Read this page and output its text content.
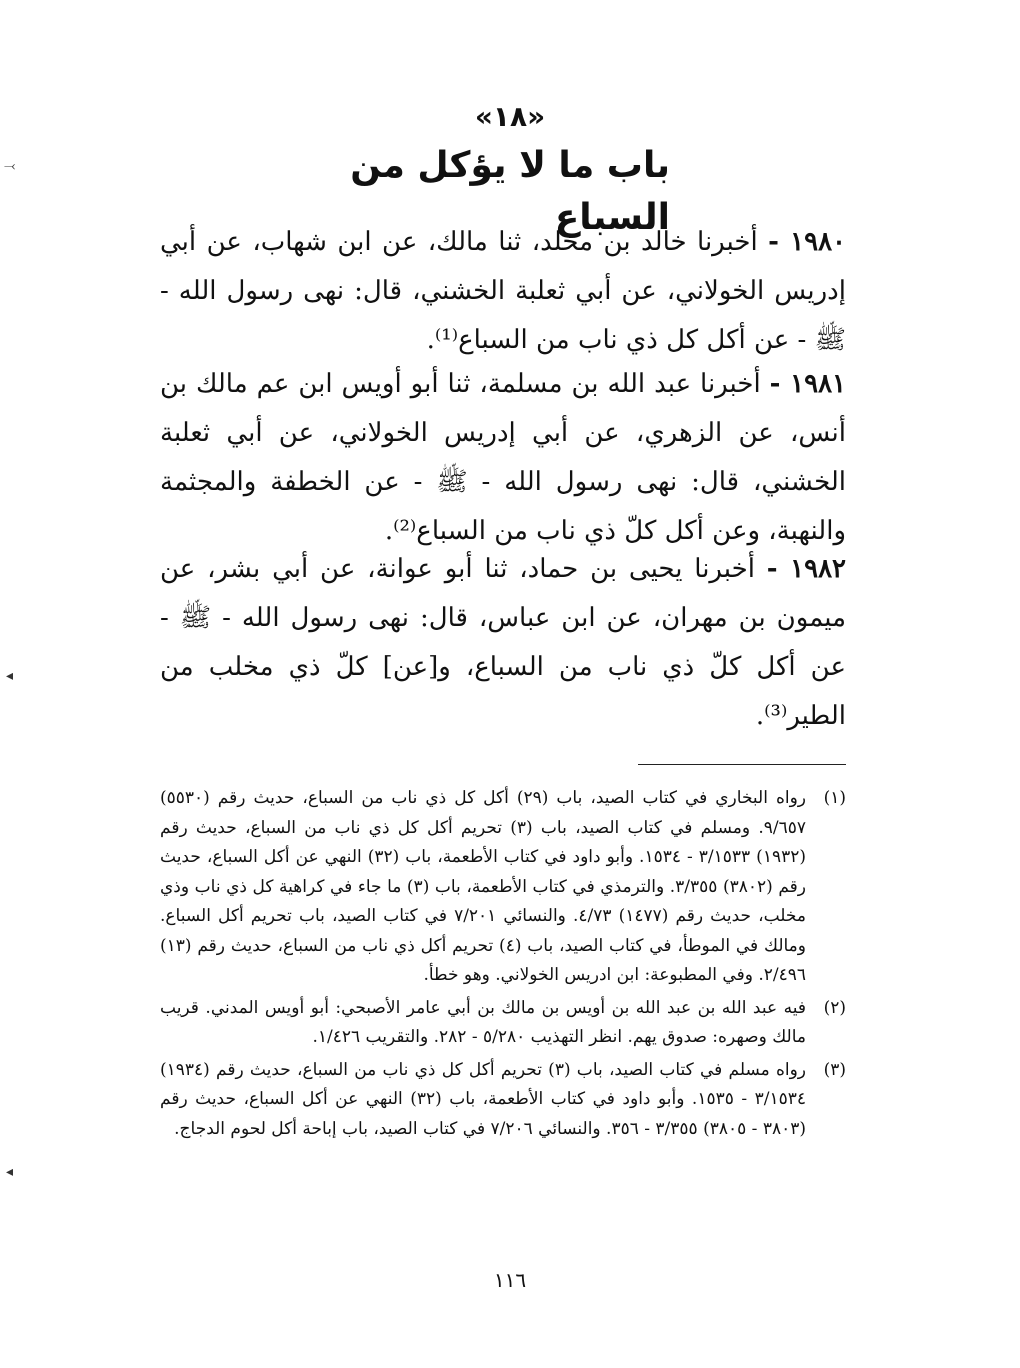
⤙
◂
◂
«١٨»
باب ما لا يؤكل من السباع
١٩٨٠ - أخبرنا خالد بن مخلد، ثنا مالك، عن ابن شهاب، عن أبي إدريس الخولاني، عن أبي ثعلبة الخشني، قال: نهى رسول الله - ﷺ - عن أكل كل ذي ناب من السباع⁽¹⁾.
١٩٨١ - أخبرنا عبد الله بن مسلمة، ثنا أبو أويس ابن عم مالك بن أنس، عن الزهري، عن أبي إدريس الخولاني، عن أبي ثعلبة الخشني، قال: نهى رسول الله - ﷺ - عن الخطفة والمجثمة والنهبة، وعن أكل كلّ ذي ناب من السباع⁽²⁾.
١٩٨٢ - أخبرنا يحيى بن حماد، ثنا أبو عوانة، عن أبي بشر، عن ميمون بن مهران، عن ابن عباس، قال: نهى رسول الله - ﷺ - عن أكل كلّ ذي ناب من السباع، و[عن] كلّ ذي مخلب من الطير⁽³⁾.
(١)
رواه البخاري في كتاب الصيد، باب (٢٩) أكل كل ذي ناب من السباع، حديث رقم (٥٥٣٠) ٩/٦٥٧. ومسلم في كتاب الصيد، باب (٣) تحريم أكل كل ذي ناب من السباع، حديث رقم (١٩٣٢) ٣/١٥٣٣ - ١٥٣٤. وأبو داود في كتاب الأطعمة، باب (٣٢) النهي عن أكل السباع، حديث رقم (٣٨٠٢) ٣/٣٥٥. والترمذي في كتاب الأطعمة، باب (٣) ما جاء في كراهية كل ذي ناب وذي مخلب، حديث رقم (١٤٧٧) ٤/٧٣. والنسائي ٧/٢٠١ في كتاب الصيد، باب تحريم أكل السباع. ومالك في الموطأ، في كتاب الصيد، باب (٤) تحريم أكل ذي ناب من السباع، حديث رقم (١٣) ٢/٤٩٦. وفي المطبوعة: ابن ادريس الخولاني. وهو خطأ.
(٢)
فيه عبد الله بن عبد الله بن أويس بن مالك بن أبي عامر الأصبحي: أبو أويس المدني. قريب مالك وصهره: صدوق يهم. انظر التهذيب ٥/٢٨٠ - ٢٨٢. والتقريب ١/٤٢٦.
(٣)
رواه مسلم في كتاب الصيد، باب (٣) تحريم أكل كل ذي ناب من السباع، حديث رقم (١٩٣٤) ٣/١٥٣٤ - ١٥٣٥. وأبو داود في كتاب الأطعمة، باب (٣٢) النهي عن أكل السباع، حديث رقم (٣٨٠٣ - ٣٨٠٥) ٣/٣٥٥ - ٣٥٦. والنسائي ٧/٢٠٦ في كتاب الصيد، باب إباحة أكل لحوم الدجاج.
١١٦
